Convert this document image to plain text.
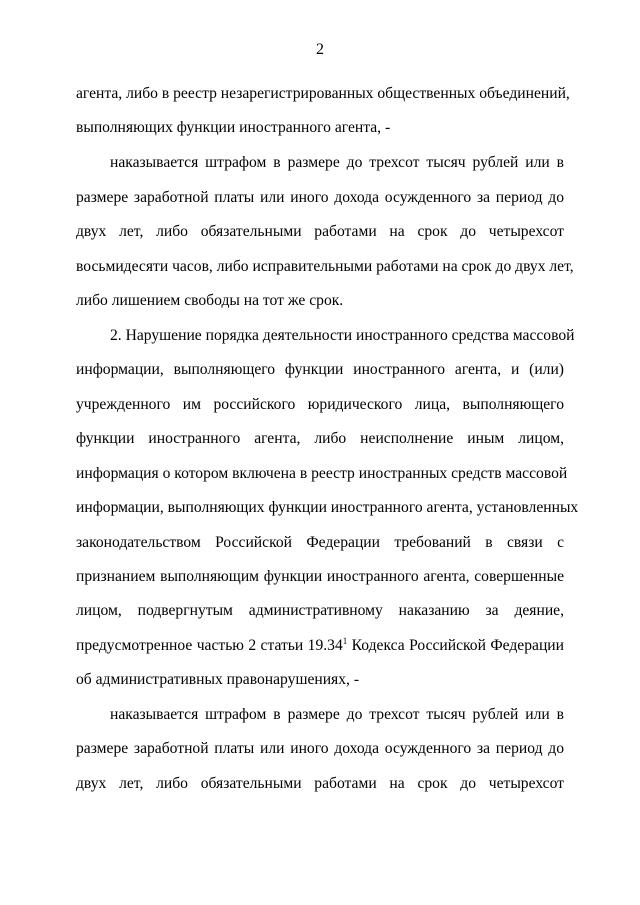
2
агента, либо в реестр незарегистрированных общественных объединений,
выполняющих функции иностранного агента, -
наказывается штрафом в размере до трехсот тысяч рублей или в
размере заработной платы или иного дохода осужденного за период до
двух лет, либо обязательными работами на срок до четырехсот
восьмидесяти часов, либо исправительными работами на срок до двух лет,
либо лишением свободы на тот же срок.
2. Нарушение порядка деятельности иностранного средства массовой
информации, выполняющего функции иностранного агента, и (или)
учрежденного им российского юридического лица, выполняющего
функции иностранного агента, либо неисполнение иным лицом,
информация о котором включена в реестр иностранных средств массовой
информации, выполняющих функции иностранного агента, установленных
законодательством Российской Федерации требований в связи с
признанием выполняющим функции иностранного агента, совершенные
лицом, подвергнутым административному наказанию за деяние,
предусмотренное частью 2 статьи 19.34$^1$ Кодекса Российской Федерации
об административных правонарушениях, -
наказывается штрафом в размере до трехсот тысяч рублей или в
размере заработной платы или иного дохода осужденного за период до
двух лет, либо обязательными работами на срок до четырехсот
